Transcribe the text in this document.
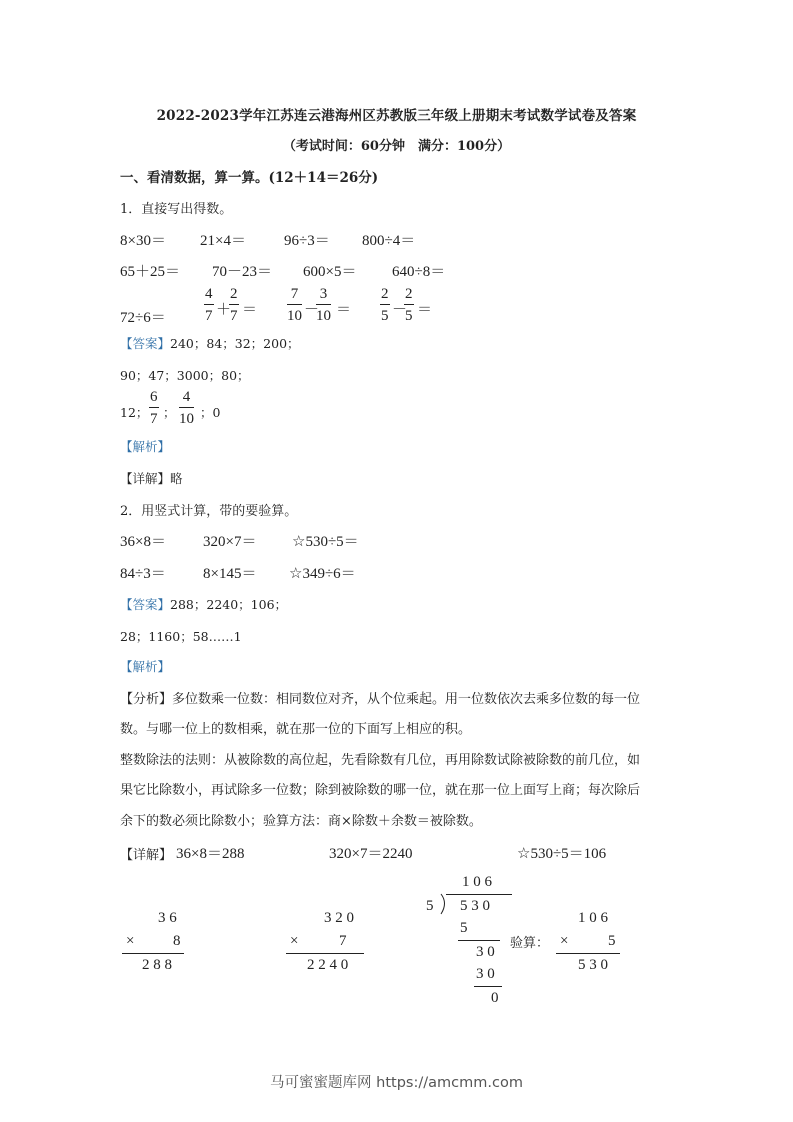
2022-2023学年江苏连云港海州区苏教版三年级上册期末考试数学试卷及答案
（考试时间：60分钟　满分：100分）
一、看清数据，算一算。(12＋14＝26分)
1．直接写出得数。
8×30＝ 21×4＝	96÷3＝ 800÷4＝
65＋25＝ 70－23＝ 600×5＝ 640÷8＝
72÷6＝	$\frac{4}{7}$ ＋
$\frac{2}{7} = \frac{7}{10}$ －
$\frac{3}{10} = \frac{2}{5}$ －
$\frac{2}{5}$ ＝
【答案】240；84；32；200；
90；47；3000；80；
12； $\frac{6}{7}$ ； $\frac{4}{10}$ ；0
【解析】
【详解】略
2．用竖式计算，带的要验算。
36×8＝ 320×7＝ ☆530÷5＝
84÷3＝ 8×145＝ ☆349÷6＝
【答案】288；2240；106；
28；1160；58……1
【解析】
【分析】多位数乘一位数：相同数位对齐，从个位乘起。用一位数依次去乘多位数的每一位
数。与哪一位上的数相乘，就在那一位的下面写上相应的积。
整数除法的法则：从被除数的高位起，先看除数有几位，再用除数试除被除数的前几位，如
果它比除数小，再试除多一位数；除到被除数的哪一位，就在那一位上面写上商；每次除后
余下的数必须比除数小；验算方法：商×除数＋余数＝被除数。
【详解】 36×8＝288	320×7＝2240	☆530÷5＝106
3 6
×	8
2 8 8
3 2 0
×	7
2 2 4 0
1 0 6
5 5 3 0
5
3 0
3 0
0
验算：
1 0 6
×	5
5 3 0
马可蜜蜜题库网 https://amcmm.com
